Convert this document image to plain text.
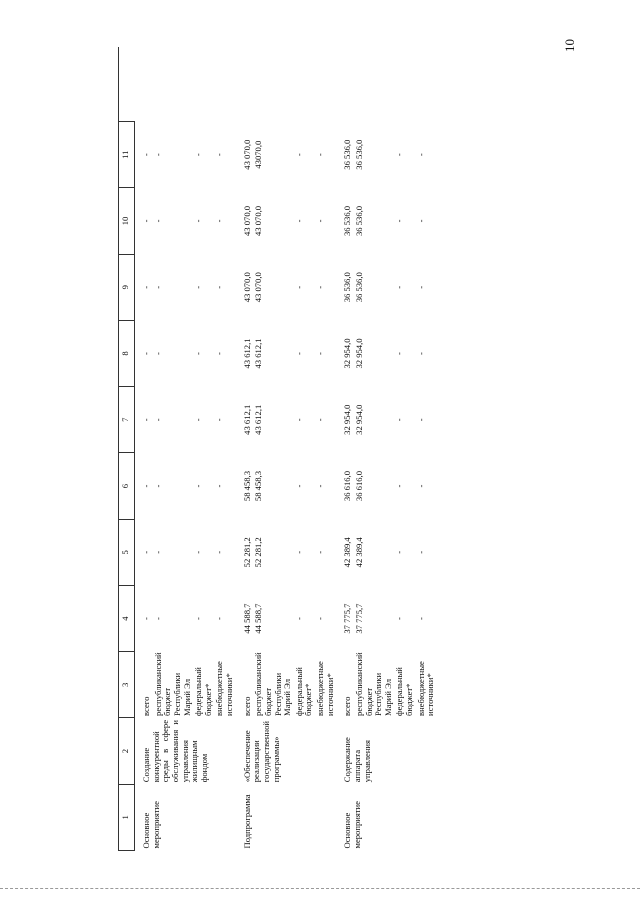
10
1	2	3	4	5	6	7	8	9	10	11

Основное мероприятие	Создание конкурентной среды в сфере обслуживания и управления жилищным фондом	всего	-	-	-	-	-	-	-	-
		республиканский бюджет Республики Марий Эл	-	-	-	-	-	-	-	-
		федеральный бюджет*	-	-	-	-	-	-	-	-
		внебюджетные источники*	-	-	-	-	-	-	-	-

Подпрограмма	«Обеспечение реализации государственной программы»	всего	44 588,7	52 281,2	58 458,3	43 612,1	43 612,1	43 070,0	43 070,0	43 070,0
		республиканский бюджет Республики Марий Эл	44 588,7	52 281,2	58 458,3	43 612,1	43 612,1	43 070,0	43 070,0	43070,0
		федеральный бюджет*	-	-	-	-	-	-	-	-
		внебюджетные источники*	-	-	-	-	-	-	-	-

Основное мероприятие	Содержание аппарата управления	всего	37 775,7	42 389,4	36 616,0	32 954,0	32 954,0	36 536,0	36 536,0	36 536,0
		республиканский бюджет Республики Марий Эл	37 775,7	42 389,4	36 616,0	32 954,0	32 954,0	36 536,0	36 536,0	36 536,0
		федеральный бюджет*	-	-	-	-	-	-	-	-
		внебюджетные источники*	-	-	-	-	-	-	-	-
